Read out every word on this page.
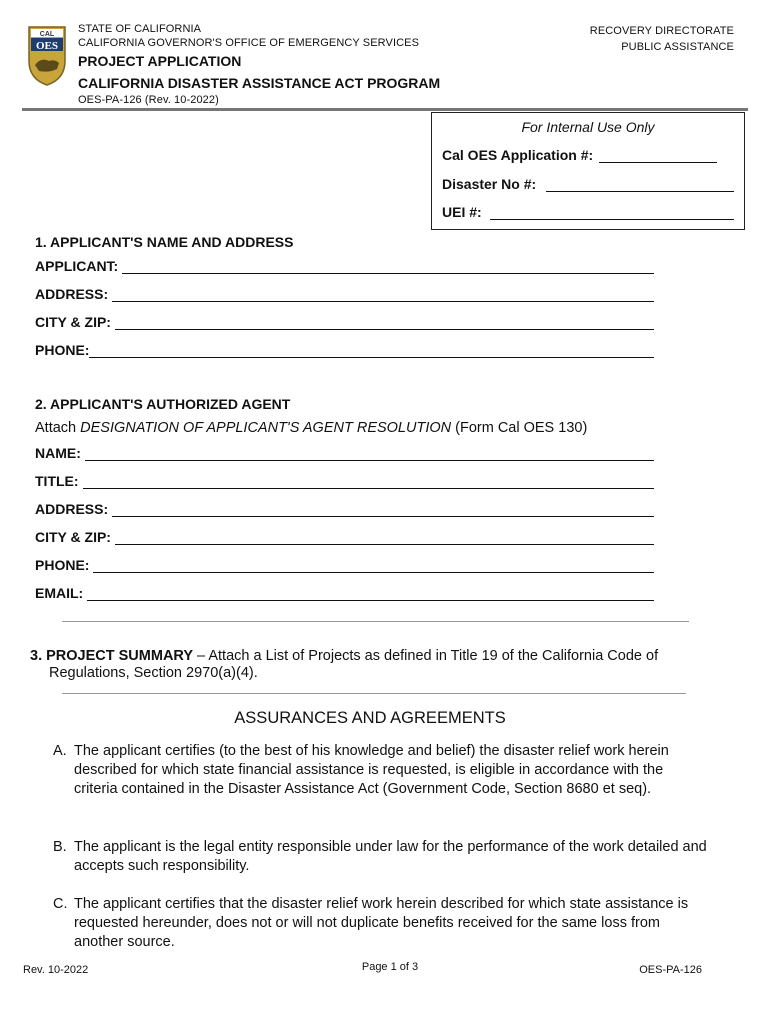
CAL
OES
STATE OF CALIFORNIA
CALIFORNIA GOVERNOR'S OFFICE OF EMERGENCY SERVICES
PROJECT APPLICATION
CALIFORNIA DISASTER ASSISTANCE ACT PROGRAM
OES-PA-126 (Rev. 10-2022)
RECOVERY DIRECTORATE
PUBLIC ASSISTANCE
For Internal Use Only
Cal OES Application #:
Disaster No #:
UEI #:
1. APPLICANT'S NAME AND ADDRESS
APPLICANT:
ADDRESS:
CITY & ZIP:
PHONE:
2. APPLICANT'S AUTHORIZED AGENT
Attach DESIGNATION OF APPLICANT'S AGENT RESOLUTION (Form Cal OES 130)
NAME:
TITLE:
ADDRESS:
CITY & ZIP:
PHONE:
EMAIL:
3. PROJECT SUMMARY – Attach a List of Projects as defined in Title 19 of the California Code of
Regulations, Section 2970(a)(4).
ASSURANCES AND AGREEMENTS
A. The applicant certifies (to the best of his knowledge and belief) the disaster relief work herein described for which state financial assistance is requested, is eligible in accordance with the criteria contained in the Disaster Assistance Act (Government Code, Section 8680 et seq).
B. The applicant is the legal entity responsible under law for the performance of the work detailed and accepts such responsibility.
C. The applicant certifies that the disaster relief work herein described for which state assistance is requested hereunder, does not or will not duplicate benefits received for the same loss from another source.
Rev. 10-2022	Page 1 of 3	OES-PA-126
